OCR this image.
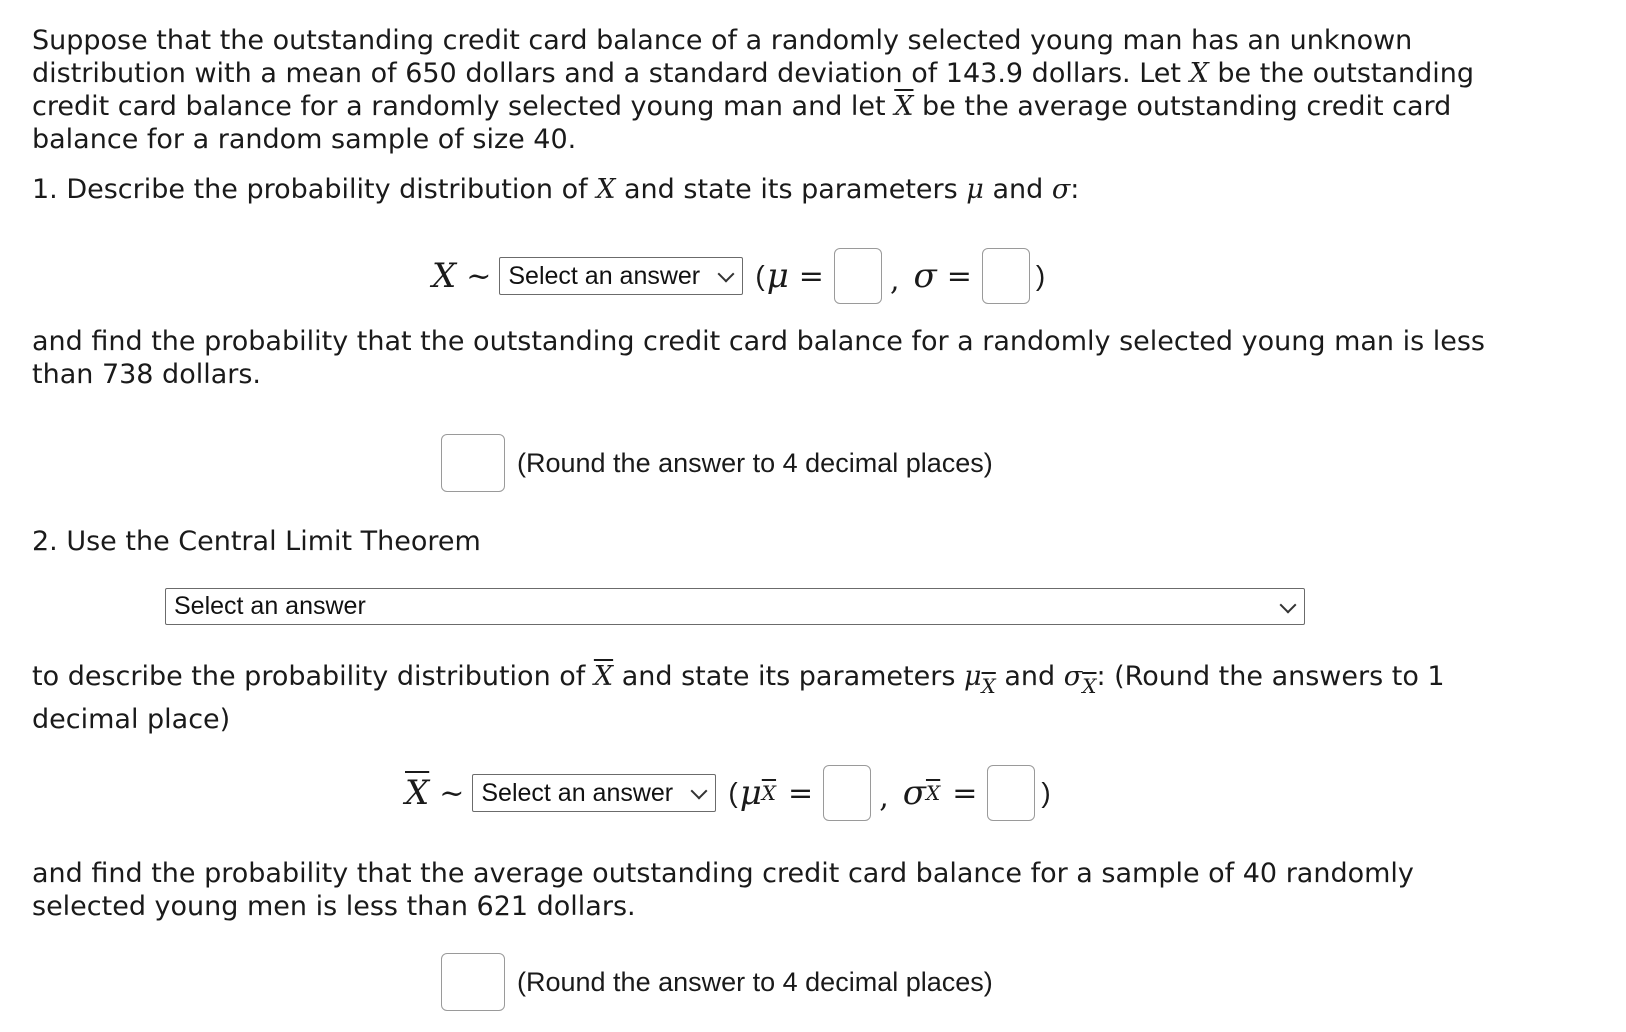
Suppose that the outstanding credit card balance of a randomly selected young man has an unknown distribution with a mean of 650 dollars and a standard deviation of 143.9 dollars. Let X be the outstanding credit card balance for a randomly selected young man and let $\overline{X}$ be the average outstanding credit card balance for a random sample of size 40.

1. Describe the probability distribution of X and state its parameters μ and σ:

X ~ Select an answer ( μ = , σ = )

and find the probability that the outstanding credit card balance for a randomly selected young man is less than 738 dollars.

(Round the answer to 4 decimal places)

2. Use the Central Limit Theorem

Select an answer

to describe the probability distribution of $\overline{X}$ and state its parameters $\mu_{\overline{X}}$ and $\sigma_{\overline{X}}$: (Round the answers to 1 decimal place)

$\overline{X}$ ~ Select an answer ( μ $\overline{X}$ = , σ $\overline{X}$ = )

and find the probability that the average outstanding credit card balance for a sample of 40 randomly selected young men is less than 621 dollars.

(Round the answer to 4 decimal places)
